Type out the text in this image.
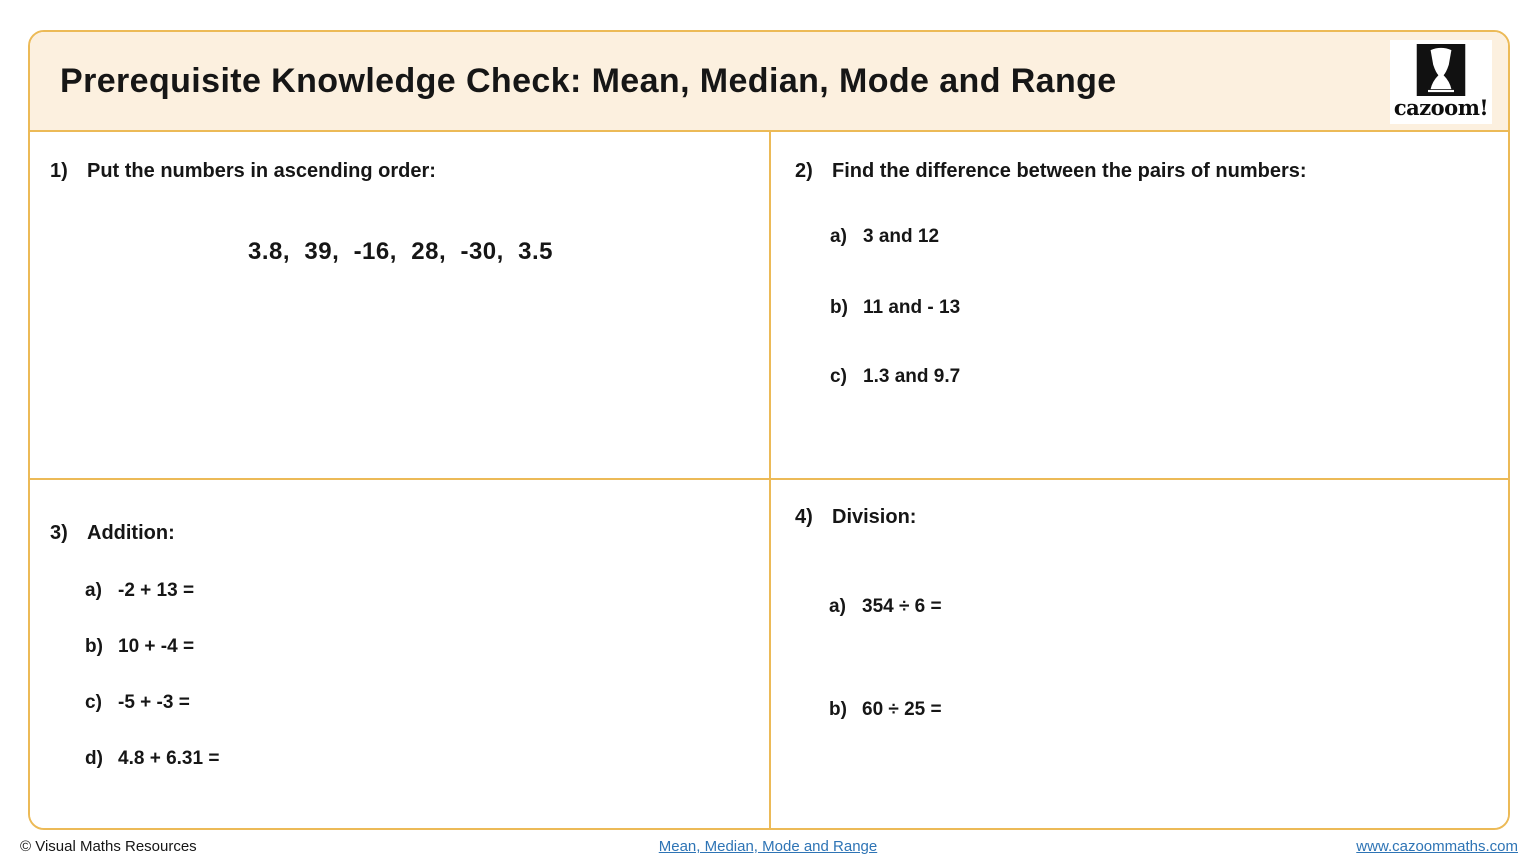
Prerequisite Knowledge Check: Mean, Median, Mode and Range
cazoom!
1) Put the numbers in ascending order:
3.8,  39,  -16,  28,  -30,  3.5
2) Find the difference between the pairs of numbers:
a) 3 and 12
b) 11 and - 13
c) 1.3 and 9.7
3) Addition:
a) -2 + 13 =
b) 10 + -4 =
c) -5 + -3 =
d) 4.8 + 6.31 =
4) Division:
a) 354 ÷ 6 =
b) 60 ÷ 25 =
© Visual Maths Resources	Mean, Median, Mode and Range	www.cazoommaths.com
